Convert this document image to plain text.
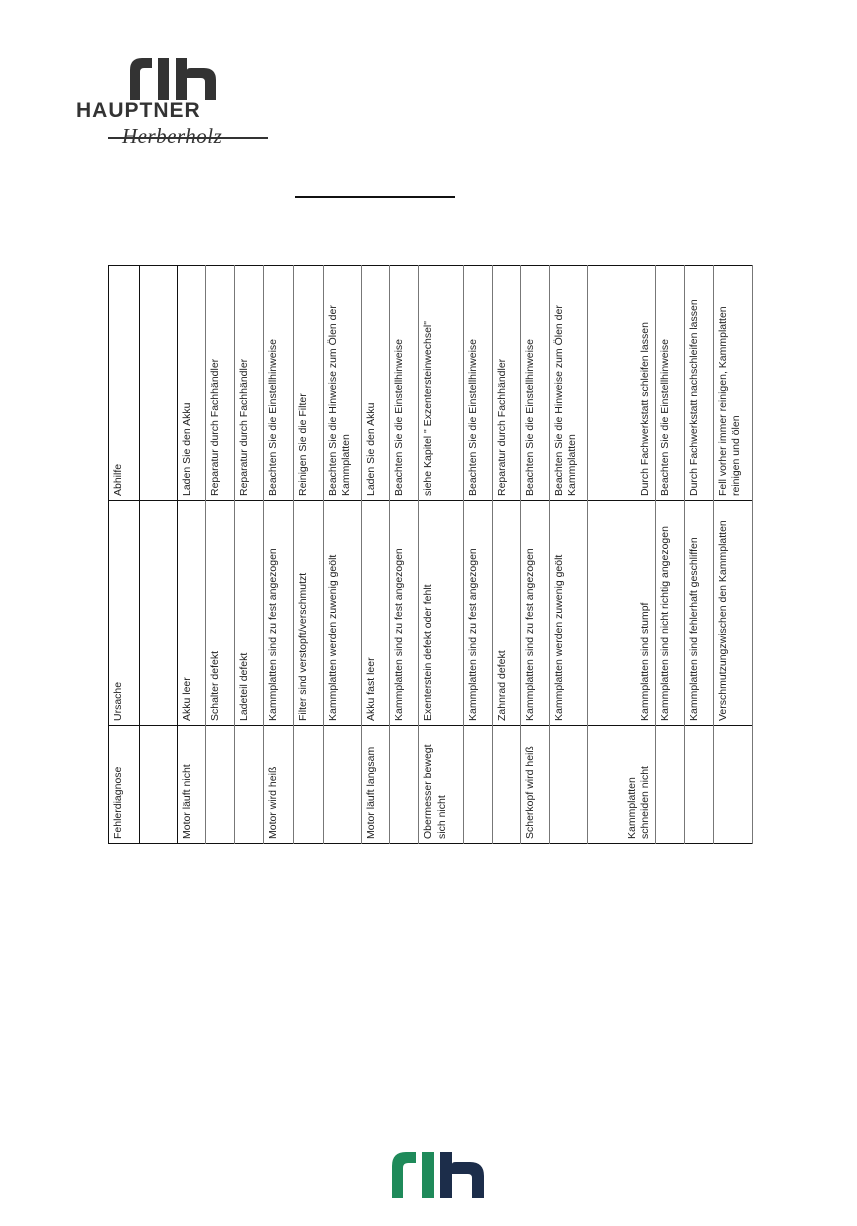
HAUPTNER
Herberholz
Fehlerdiagnose	Ursache	Abhilfe

Motor läuft nicht	Akku leer	Laden Sie den Akku
	Schalter defekt	Reparatur durch Fachhändler
	Ladeteil defekt	Reparatur durch Fachhändler
Motor wird heiß	Kammplatten sind zu fest angezogen	Beachten Sie die Einstellhinweise
	Filter sind verstopft/verschmutzt	Reinigen Sie die Filter
	Kammplatten werden zuwenig geölt	Beachten Sie die Hinweise zum Ölen der Kammplatten
Motor läuft langsam	Akku fast leer	Laden Sie den Akku
	Kammplatten sind zu fest angezogen	Beachten Sie die Einstellhinweise
Obermesser bewegt sich nicht	Exenterstein defekt oder fehlt	siehe Kapitel " Exzentersteinwechsel"
	Kammplatten sind zu fest angezogen	Beachten Sie die Einstellhinweise
	Zahnrad defekt	Reparatur durch Fachhändler
Scherkopf wird heiß	Kammplatten sind zu fest angezogen	Beachten Sie die Einstellhinweise
	Kammplatten werden zuwenig geölt	Beachten Sie die Hinweise zum Ölen der Kammplatten
Kammplatten schneiden nicht	Kammplatten sind stumpf	Durch Fachwerkstatt schleifen lassen
	Kammplatten sind nicht richtig angezogen	Beachten Sie die Einstellhinweise
	Kammplatten sind fehlerhaft geschliffen	Durch Fachwerkstatt nachschleifen lassen
	Verschmutzungzwischen den Kammplatten	Fell vorher immer reinigen, Kammplatten reinigen und ölen
